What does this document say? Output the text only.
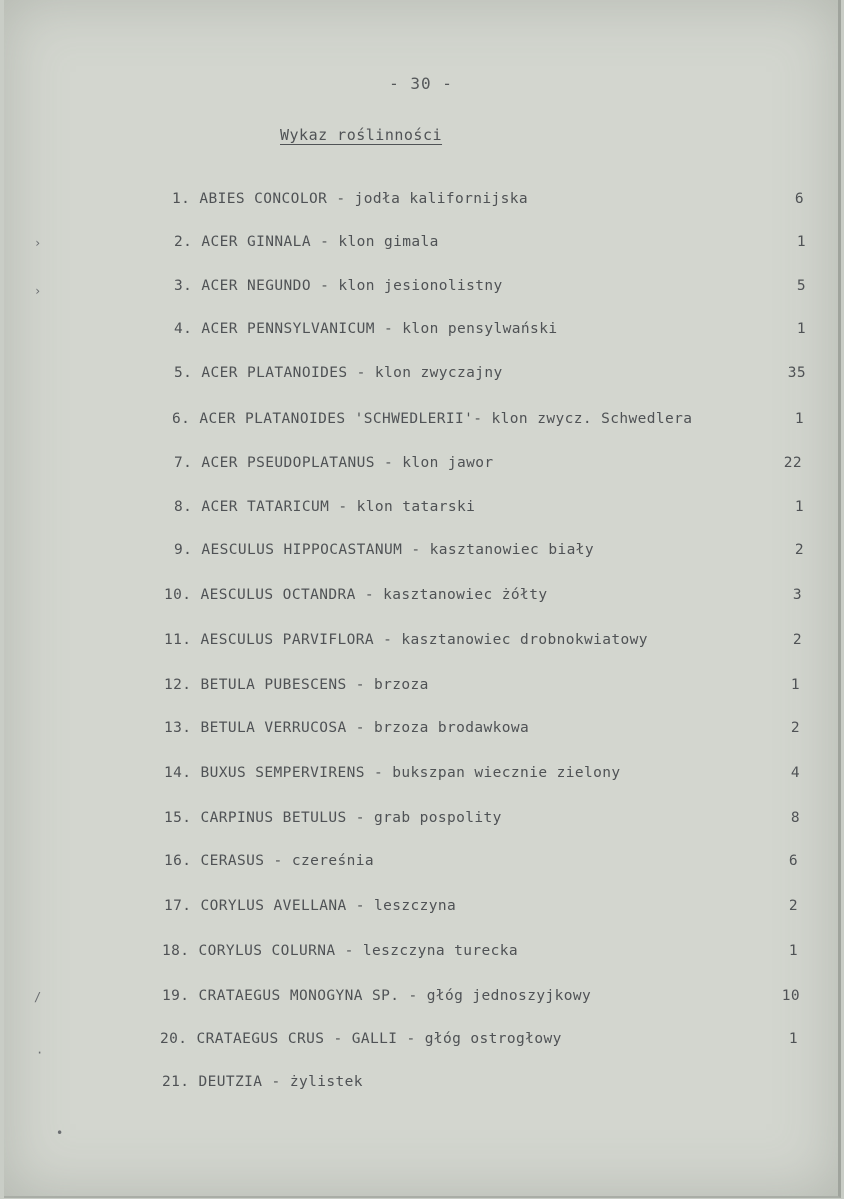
- 30 -
Wykaz roślinności
1. ABIES CONCOLOR - jodła kalifornijska	6
2. ACER GINNALA - klon gimala	1
3. ACER NEGUNDO - klon jesionolistny	5
4. ACER PENNSYLVANICUM - klon pensylwański	1
5. ACER PLATANOIDES - klon zwyczajny	35
6. ACER PLATANOIDES 'SCHWEDLERII'- klon zwycz. Schwedlera	1
7. ACER PSEUDOPLATANUS - klon jawor	22
8. ACER TATARICUM - klon tatarski	1
9. AESCULUS HIPPOCASTANUM - kasztanowiec biały	2
10. AESCULUS OCTANDRA - kasztanowiec żółty	3
11. AESCULUS PARVIFLORA - kasztanowiec drobnokwiatowy	2
12. BETULA PUBESCENS - brzoza	1
13. BETULA VERRUCOSA - brzoza brodawkowa	2
14. BUXUS SEMPERVIRENS - bukszpan wiecznie zielony	4
15. CARPINUS BETULUS - grab pospolity	8
16. CERASUS - czereśnia	6
17. CORYLUS AVELLANA - leszczyna	2
18. CORYLUS COLURNA - leszczyna turecka	1
19. CRATAEGUS MONOGYNA SP. - głóg jednoszyjkowy	10
20. CRATAEGUS CRUS - GALLI - głóg ostrogłowy	1
21. DEUTZIA - żylistek
›
›
/
·
•
